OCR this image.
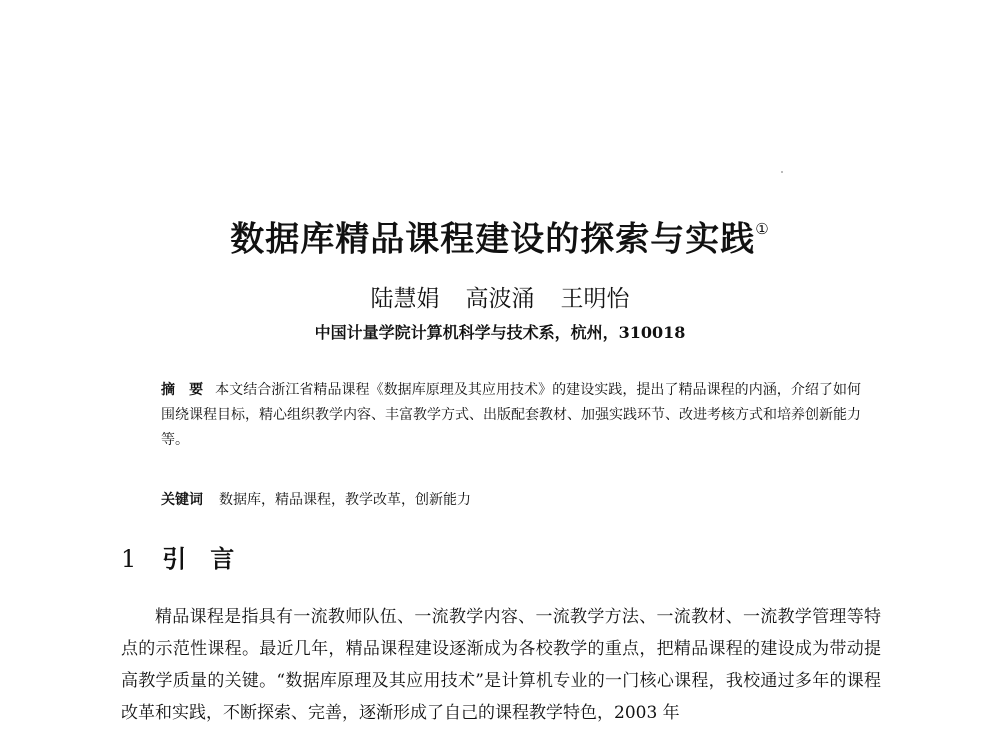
数据库精品课程建设的探索与实践①
陆慧娟 高波涌 王明怡
中国计量学院计算机科学与技术系，杭州，310018
摘　要 本文结合浙江省精品课程《数据库原理及其应用技术》的建设实践，提出了精品课程的内涵，介绍了如何围绕课程目标，精心组织教学内容、丰富教学方式、出版配套教材、加强实践环节、改进考核方式和培养创新能力等。
关键词 数据库，精品课程，教学改革，创新能力
1 引　言

精品课程是指具有一流教师队伍、一流教学内容、一流教学方法、一流教材、一流教学管理等特点的示范性课程。最近几年，精品课程建设逐渐成为各校教学的重点，把精品课程的建设成为带动提高教学质量的关键。“数据库原理及其应用技术”是计算机专业的一门核心课程，我校通过多年的课程改革和实践，不断探索、完善，逐渐形成了自己的课程教学特色，2003 年
